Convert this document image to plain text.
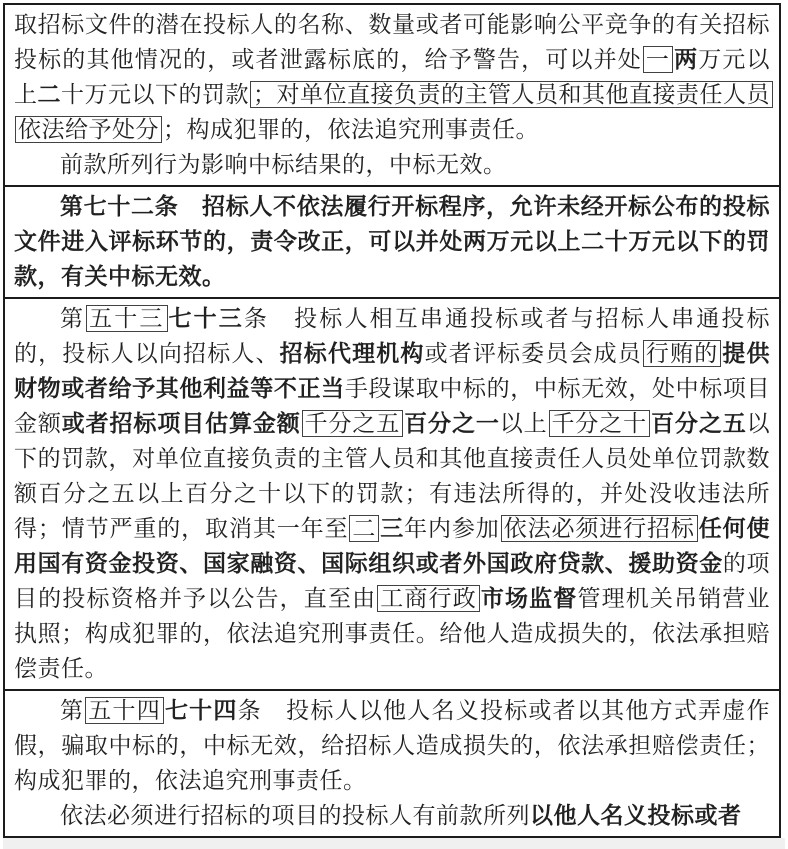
取招标文件的潜在投标人的名称、数量或者可能影响公平竞争的有关招标投标的其他情况的，或者泄露标底的，给予警告，可以并处 一 两万元以上二十万元以下的罚款 ；对单位直接负责的主管人员和其他直接责任人员依法给予处分 ；构成犯罪的，依法追究刑事责任。

前款所列行为影响中标结果的，中标无效。

第七十二条　招标人不依法履行开标程序，允许未经开标公布的投标文件进入评标环节的，责令改正，可以并处两万元以上二十万元以下的罚款，有关中标无效。

第 五十三 七十三条　投标人相互串通投标或者与招标人串通投标的，投标人以向招标人、招标代理机构或者评标委员会成员 行贿的 提供财物或者给予其他利益等不正当手段谋取中标的，中标无效，处中标项目金额或者招标项目估算金额 千分之五 百分之一以上 千分之十 百分之五以下的罚款，对单位直接负责的主管人员和其他直接责任人员处单位罚款数额百分之五以上百分之十以下的罚款；有违法所得的，并处没收违法所得；情节严重的，取消其一年至 二 三年内参加 依法必须进行招标 任何使用国有资金投资、国家融资、国际组织或者外国政府贷款、援助资金的项目的投标资格并予以公告，直至由 工商行政 市场监督管理机关吊销营业执照；构成犯罪的，依法追究刑事责任。给他人造成损失的，依法承担赔偿责任。

第 五十四 七十四条　投标人以他人名义投标或者以其他方式弄虚作假，骗取中标的，中标无效，给招标人造成损失的，依法承担赔偿责任；构成犯罪的，依法追究刑事责任。

依法必须进行招标的项目的投标人有前款所列以他人名义投标或者
